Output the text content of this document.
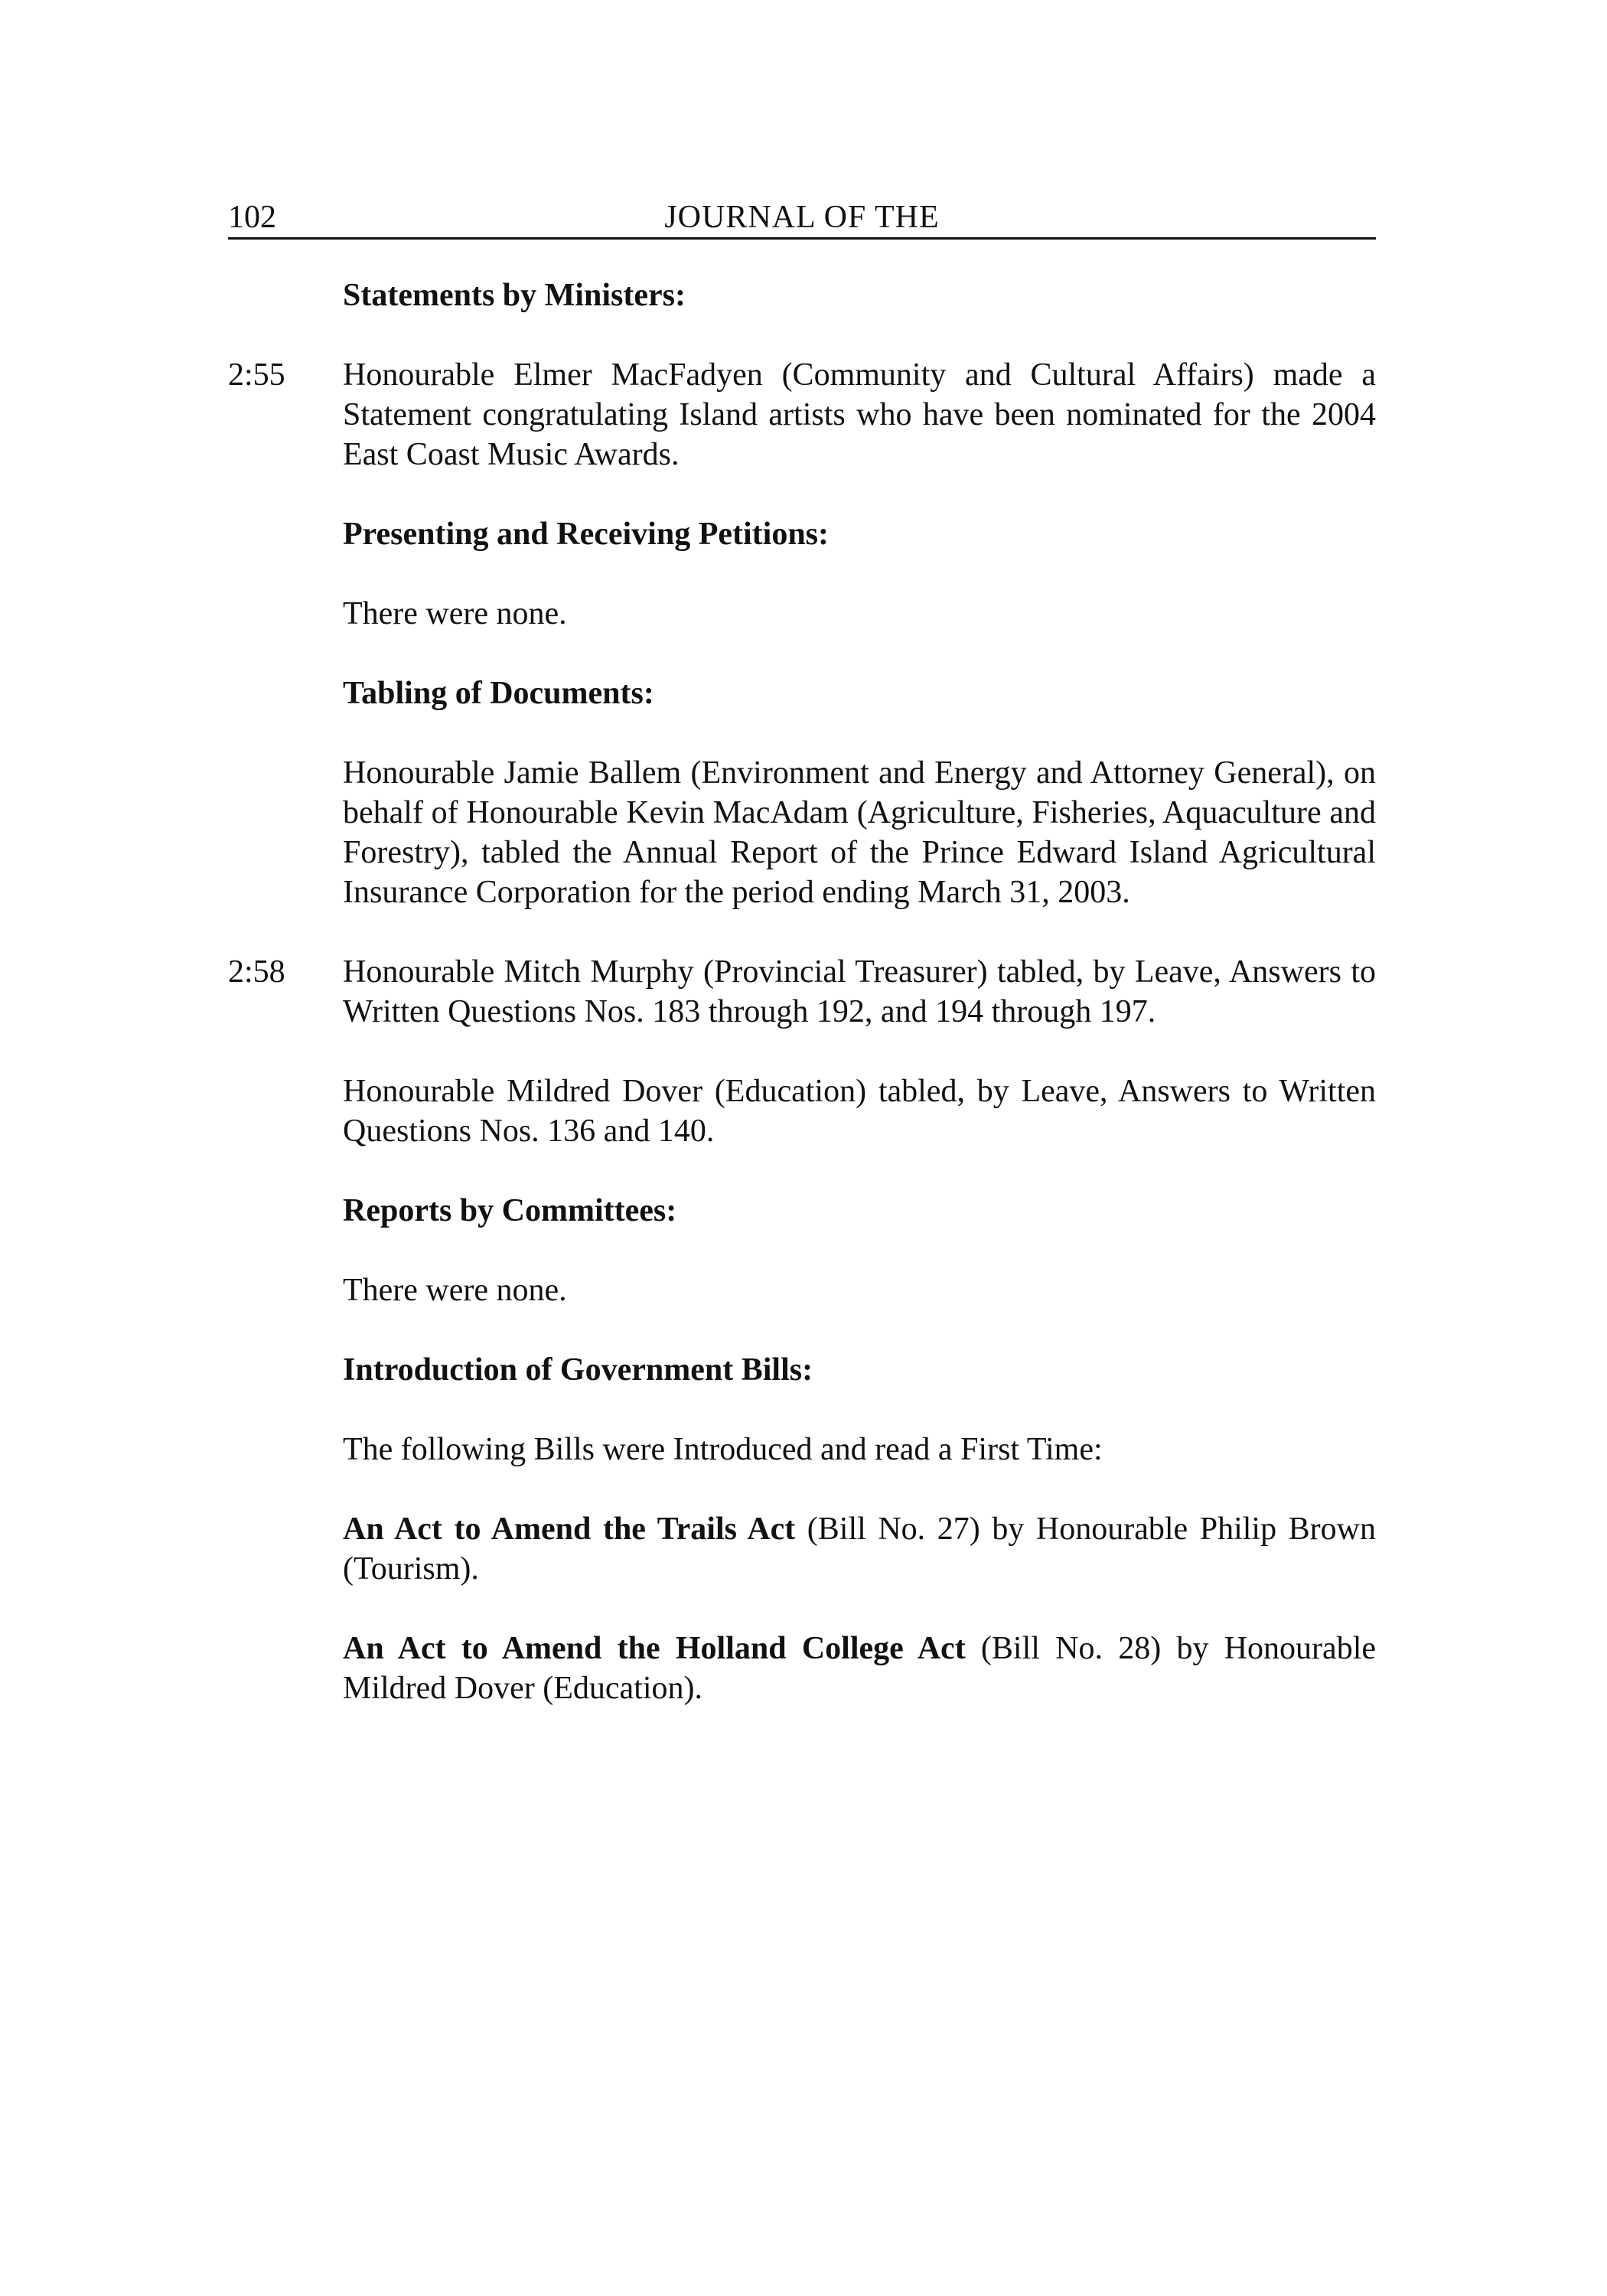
102	JOURNAL OF THE
Statements by Ministers:
2:55 Honourable Elmer MacFadyen (Community and Cultural Affairs) made a Statement congratulating Island artists who have been nominated for the 2004 East Coast Music Awards.
Presenting and Receiving Petitions:
There were none.
Tabling of Documents:
Honourable Jamie Ballem (Environment and Energy and Attorney General), on behalf of Honourable Kevin MacAdam (Agriculture, Fisheries, Aquaculture and Forestry), tabled the Annual Report of the Prince Edward Island Agricultural Insurance Corporation for the period ending March 31, 2003.
2:58 Honourable Mitch Murphy (Provincial Treasurer) tabled, by Leave, Answers to Written Questions Nos. 183 through 192, and 194 through 197.
Honourable Mildred Dover (Education) tabled, by Leave, Answers to Written Questions Nos. 136 and 140.
Reports by Committees:
There were none.
Introduction of Government Bills:
The following Bills were Introduced and read a First Time:
An Act to Amend the Trails Act (Bill No. 27) by Honourable Philip Brown (Tourism).
An Act to Amend the Holland College Act (Bill No. 28) by Honourable Mildred Dover (Education).
